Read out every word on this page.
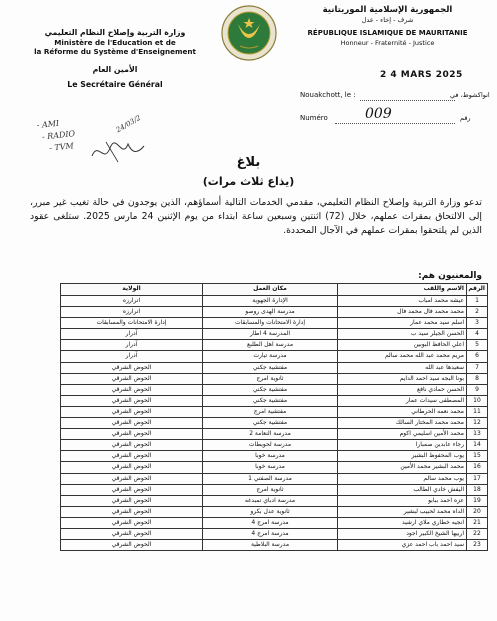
وزارة التربية وإصلاح النظام التعليمي
Ministère de l'Education et de
la Réforme du Système d'Enseignement
الأمين العام
Le Secrétaire Général
الجمهورية الإسلامية الموريتانية
شرف - إخاء - عدل
RÉPUBLIQUE ISLAMIQUE DE MAURITANIE
Honneur - Fraternité - Justice
2 4 MARS 2025
Nouakchott, le :	انواكشوط، في
Numéro	009	رقم
- AMI
- RADIO
- TVM
24/03/2
بلاغ
(يذاع ثلاث مرات)
تدعو وزارة التربية وإصلاح النظام التعليمي، مقدمي الخدمات التالية أسماؤهم، الذين يوجدون في حالة تغيب غير مبرر، إلى الالتحاق بمقرات عملهم، خلال (72) اثنتين وسبعين ساعة ابتداء من يوم الإثنين 24 مارس 2025. ستلغى عقود الذين لم يلتحقوا بمقرات عملهم في الآجال المحددة.
والمعنيون هم:
الرقم	الاسم واللقب	مكان العمل	الولاية
1	عيشه محمد امباب	الإدارة الجهوية	اترارزه
2	محمد محمد فال محمد فال	مدرسة الهدى روصو	اترارزه
3	اسلم سيد محمد عمار	إدارة الامتحانات والمسابقات	إدارة الامتحانات والمسابقات
4	الحسن الجيلر سيد ب	المدرسة 4 اطار	آدرار
5	اعلي الحافظ البوبين	مدرسة اهل الطلبع	آدرار
6	مريم محمد عبد الله محمد سالم	مدرسة تيارت	آدرار
7	سعيدها عبد الله	مفتشية جكني	الحوض الشرقي
8	بونا البجه سيد احمد الدايم	ثانوية امرج	الحوض الشرقي
9	الحسن حمادي نافع	مفتشية جكني	الحوض الشرقي
10	المصطفى سيدات عمار	مفتشية جكني	الحوض الشرقي
11	محمد نعمه الحرطاني	مفتشية امرج	الحوض الشرقي
12	محمد محمد المختار السالك	مفتشية جكني	الحوض الشرقي
13	محمد الأمين اسليمي اكوم	مدرسة النعامة 2	الحوض الشرقي
14	رجاء عابدين صمبارا	مدرسة لحويطات	الحوض الشرقي
15	يوب المحفوظ البشير	مدرسة خوبا	الحوض الشرقي
16	محمد البشير محمد الأمين	مدرسة خوبا	الحوض الشرقي
17	يوب محمد سالم	مدرسة الصفتي 1	الحوض الشرقي
18	اليفش خادي الطالب	ثانوية امرج	الحوض الشرقي
19	عزه احمد ببابو	مدرسة ادباي تمبدغه	الحوض الشرقي
20	الداه محمد لحبيب لبشير	ثانوية عدل بكرو	الحوض الشرقي
21	انجيه خطاري ملاي ارشيد	مدرسة امرج 4	الحوض الشرقي
22	اربيها الشيخ الكبير اجود	مدرسة امرج 4	الحوض الشرقي
23	سيد احمد باب احمد عزي	مدرسة البلاطية	الحوض الشرقي
